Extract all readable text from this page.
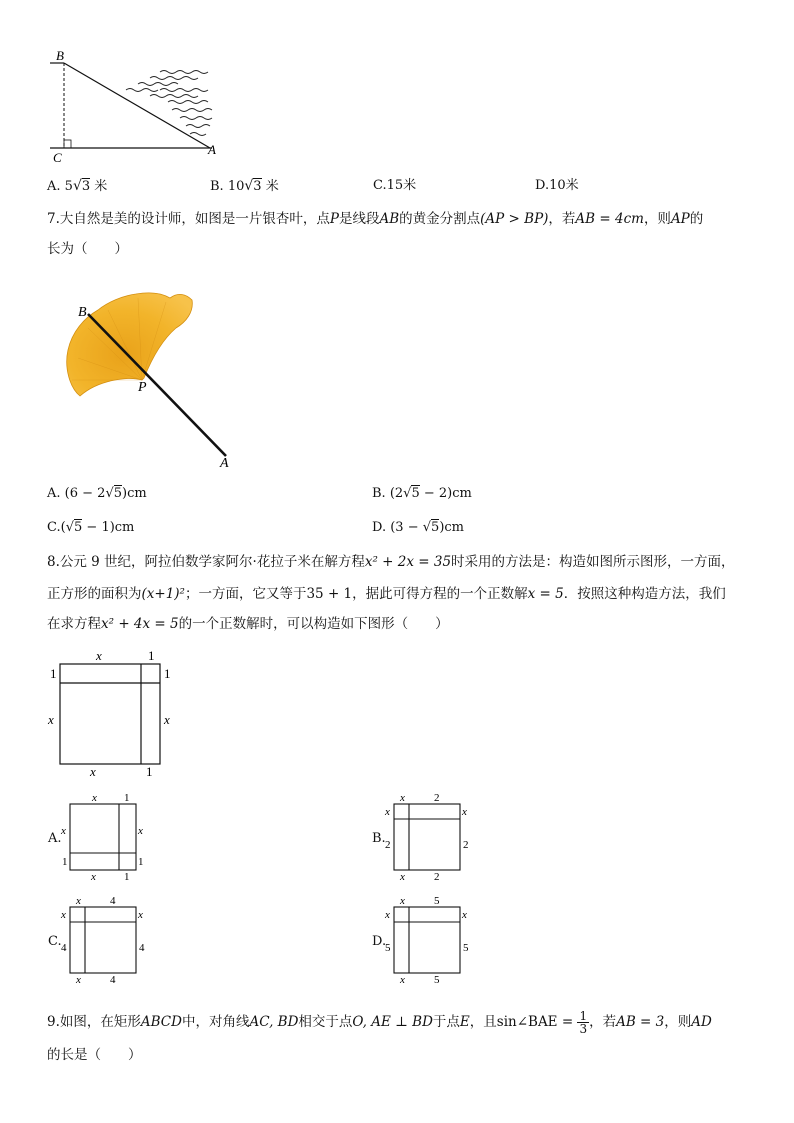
B
C
A
A. 5√3 米	B. 10√3 米	C.15米	D.10米
7.大自然是美的设计师，如图是一片银杏叶，点P是线段AB的黄金分割点(AP > BP)，若AB = 4cm，则AP的
长为（　　）
B
P
A
A. (6 − 2√5)cm	B. (2√5 − 2)cm
C.(√5 − 1)cm	D. (3 − √5)cm
8.公元 9 世纪，阿拉伯数学家阿尔·花拉子米在解方程x² + 2x = 35时采用的方法是：构造如图所示图形，一方面，
正方形的面积为(x+1)²；一方面，它又等于35 + 1，据此可得方程的一个正数解x = 5．按照这种构造方法，我们
在求方程x² + 4x = 5的一个正数解时，可以构造如下图形（　　）
x	1
1	1
x	x
x	1
A.
x 1
x	x
1	1
x	1
B.
x	2
x	x
2	2
x	2
C.
x	4
x	x
4	4
x	4
D.
x	5
x	x
5	5
x	5
9.如图，在矩形ABCD中，对角线AC, BD相交于点O, AE ⊥ BD于点E，且sin∠BAE = $\frac{1}{3}$ ，若AB = 3，则AD
的长是（　　）
